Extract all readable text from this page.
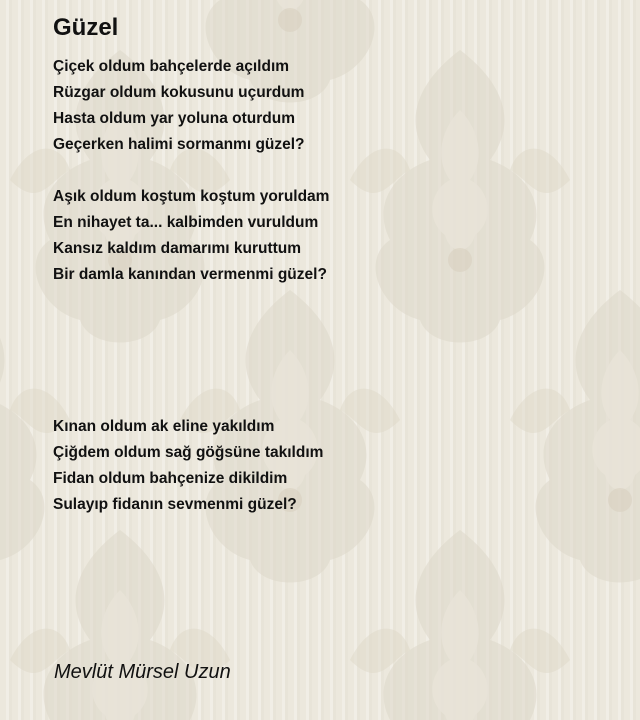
Güzel
Çiçek oldum bahçelerde açıldım
Rüzgar oldum kokusunu uçurdum
Hasta oldum yar yoluna oturdum
Geçerken halimi sormanmı güzel?
Aşık oldum koştum koştum yoruldam
En nihayet ta... kalbimden vuruldum
Kansız kaldım damarımı kuruttum
Bir damla kanından vermenmi güzel?
Kınan oldum ak eline yakıldım
Çiğdem oldum sağ göğsüne takıldım
Fidan oldum bahçenize dikildim
Sulayıp fidanın sevmenmi güzel?
Mevlüt Mürsel Uzun
